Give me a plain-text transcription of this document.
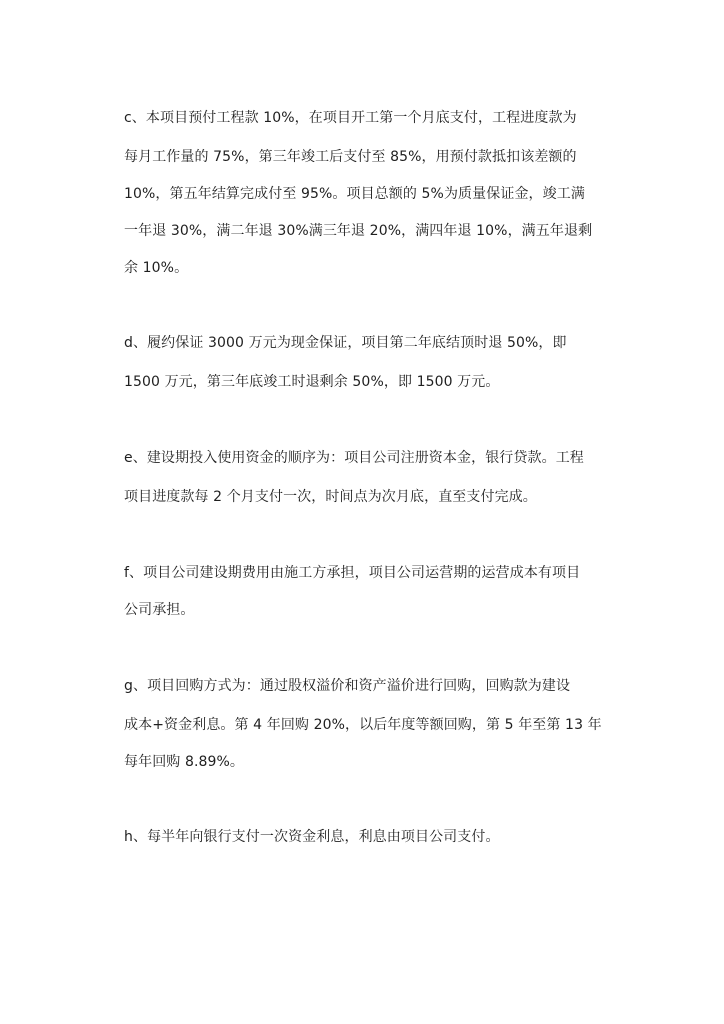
c、本项目预付工程款 10%，在项目开工第一个月底支付，工程进度款为
每月工作量的 75%，第三年竣工后支付至 85%，用预付款抵扣该差额的
10%，第五年结算完成付至 95%。项目总额的 5%为质量保证金，竣工满
一年退 30%，满二年退 30%满三年退 20%，满四年退 10%，满五年退剩
余 10%。
d、履约保证 3000 万元为现金保证，项目第二年底结顶时退 50%，即
1500 万元，第三年底竣工时退剩余 50%，即 1500 万元。
e、建设期投入使用资金的顺序为：项目公司注册资本金，银行贷款。工程
项目进度款每 2 个月支付一次，时间点为次月底，直至支付完成。
f、项目公司建设期费用由施工方承担，项目公司运营期的运营成本有项目
公司承担。
g、项目回购方式为：通过股权溢价和资产溢价进行回购，回购款为建设
成本+资金利息。第 4 年回购 20%，以后年度等额回购，第 5 年至第 13 年
每年回购 8.89%。
h、每半年向银行支付一次资金利息，利息由项目公司支付。
